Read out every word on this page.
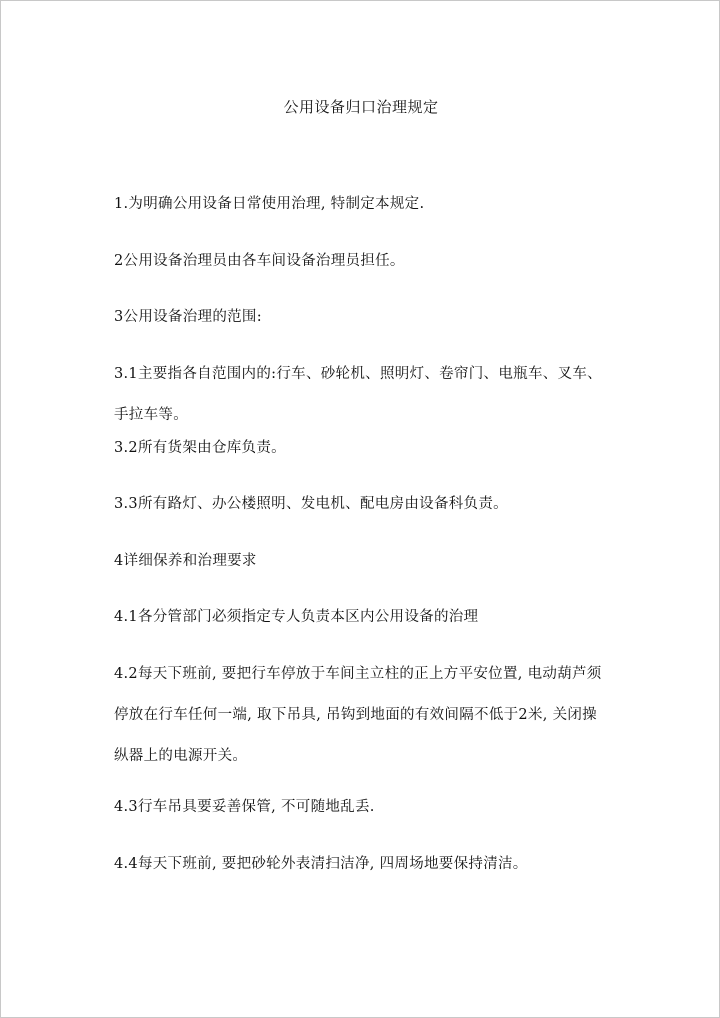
公用设备归口治理规定
1.为明确公用设备日常使用治理, 特制定本规定.
2公用设备治理员由各车间设备治理员担任。
3公用设备治理的范围:
3.1主要指各自范围内的:行车、砂轮机、照明灯、卷帘门、电瓶车、叉车、手拉车等。
3.2所有货架由仓库负责。
3.3所有路灯、办公楼照明、发电机、配电房由设备科负责。
4详细保养和治理要求
4.1各分管部门必须指定专人负责本区内公用设备的治理
4.2每天下班前, 要把行车停放于车间主立柱的正上方平安位置, 电动葫芦须停放在行车任何一端, 取下吊具, 吊钩到地面的有效间隔不低于2米, 关闭操纵器上的电源开关。
4.3行车吊具要妥善保管, 不可随地乱丢.
4.4每天下班前, 要把砂轮外表清扫洁净, 四周场地要保持清洁。
